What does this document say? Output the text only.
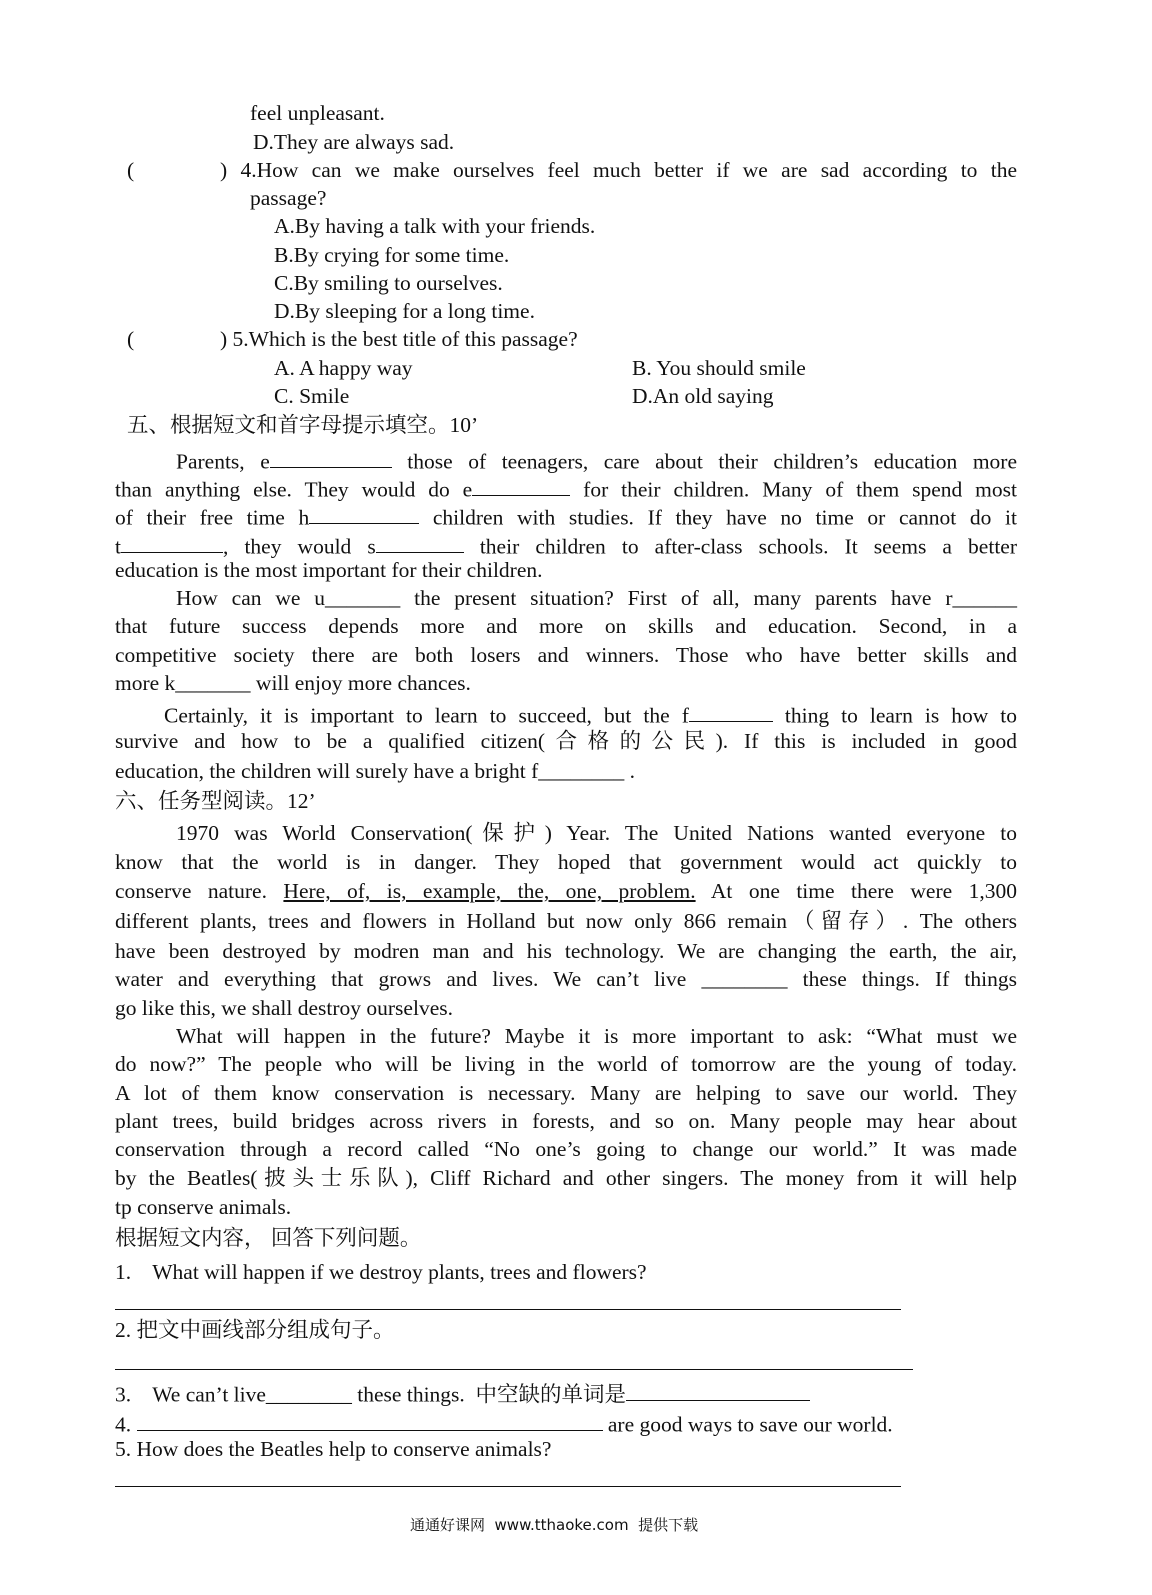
feel unpleasant.
D.They are always sad.
(	) 4.How can we make ourselves feel much better if we are sad according to the
passage?
A.By having a talk with your friends.
B.By crying for some time.
C.By smiling to ourselves.
D.By sleeping for a long time.
(	) 5.Which is the best title of this passage?
A. A happy way	B. You should smile
C. Smile	D.An old saying
五、根据短文和首字母提示填空。10’
Parents, e	those of teenagers, care about their children’s education more
than anything else. They would do e	for their children. Many of them spend most
of their free time h	children with studies. If they have no time or cannot do it
t	, they would s	their children to after-class schools. It seems a better
education is the most important for their children.
How can we u_______ the present situation? First of all, many parents have r______
that future success depends more and more on skills and education. Second, in a
competitive society there are both losers and winners. Those who have better skills and
more k_______ will enjoy more chances.
Certainly, it is important to learn to succeed, but the f	thing to learn is how to
survive and how to be a qualified citizen(合格的公民). If this is included in good
education, the children will surely have a bright f________ .
六、任务型阅读。12’
1970 was World Conservation(保护) Year. The United Nations wanted everyone to
know that the world is in danger. They hoped that government would act quickly to
conserve nature. Here, of, is, example, the, one, problem. At one time there were 1,300
different plants, trees and flowers in Holland but now only 866 remain（留存）. The others
have been destroyed by modren man and his technology. We are changing the earth, the air,
water and everything that grows and lives. We can’t live ________ these things. If things
go like this, we shall destroy ourselves.
What will happen in the future? Maybe it is more important to ask: “What must we
do now?” The people who will be living in the world of tomorrow are the young of today.
A lot of them know conservation is necessary. Many are helping to save our world. They
plant trees, build bridges across rivers in forests, and so on. Many people may hear about
conservation through a record called “No one’s going to change our world.” It was made
by the Beatles(披头士乐队), Cliff Richard and other singers. The money from it will help
tp conserve animals.
根据短文内容， 回答下列问题。
1.    What will happen if we destroy plants, trees and flowers?
2. 把文中画线部分组成句子。
3.    We can’t live________ these things.  中空缺的单词是
4.	are good ways to save our world.
5. How does the Beatles help to conserve animals?
通通好课网  www.tthaoke.com  提供下载
